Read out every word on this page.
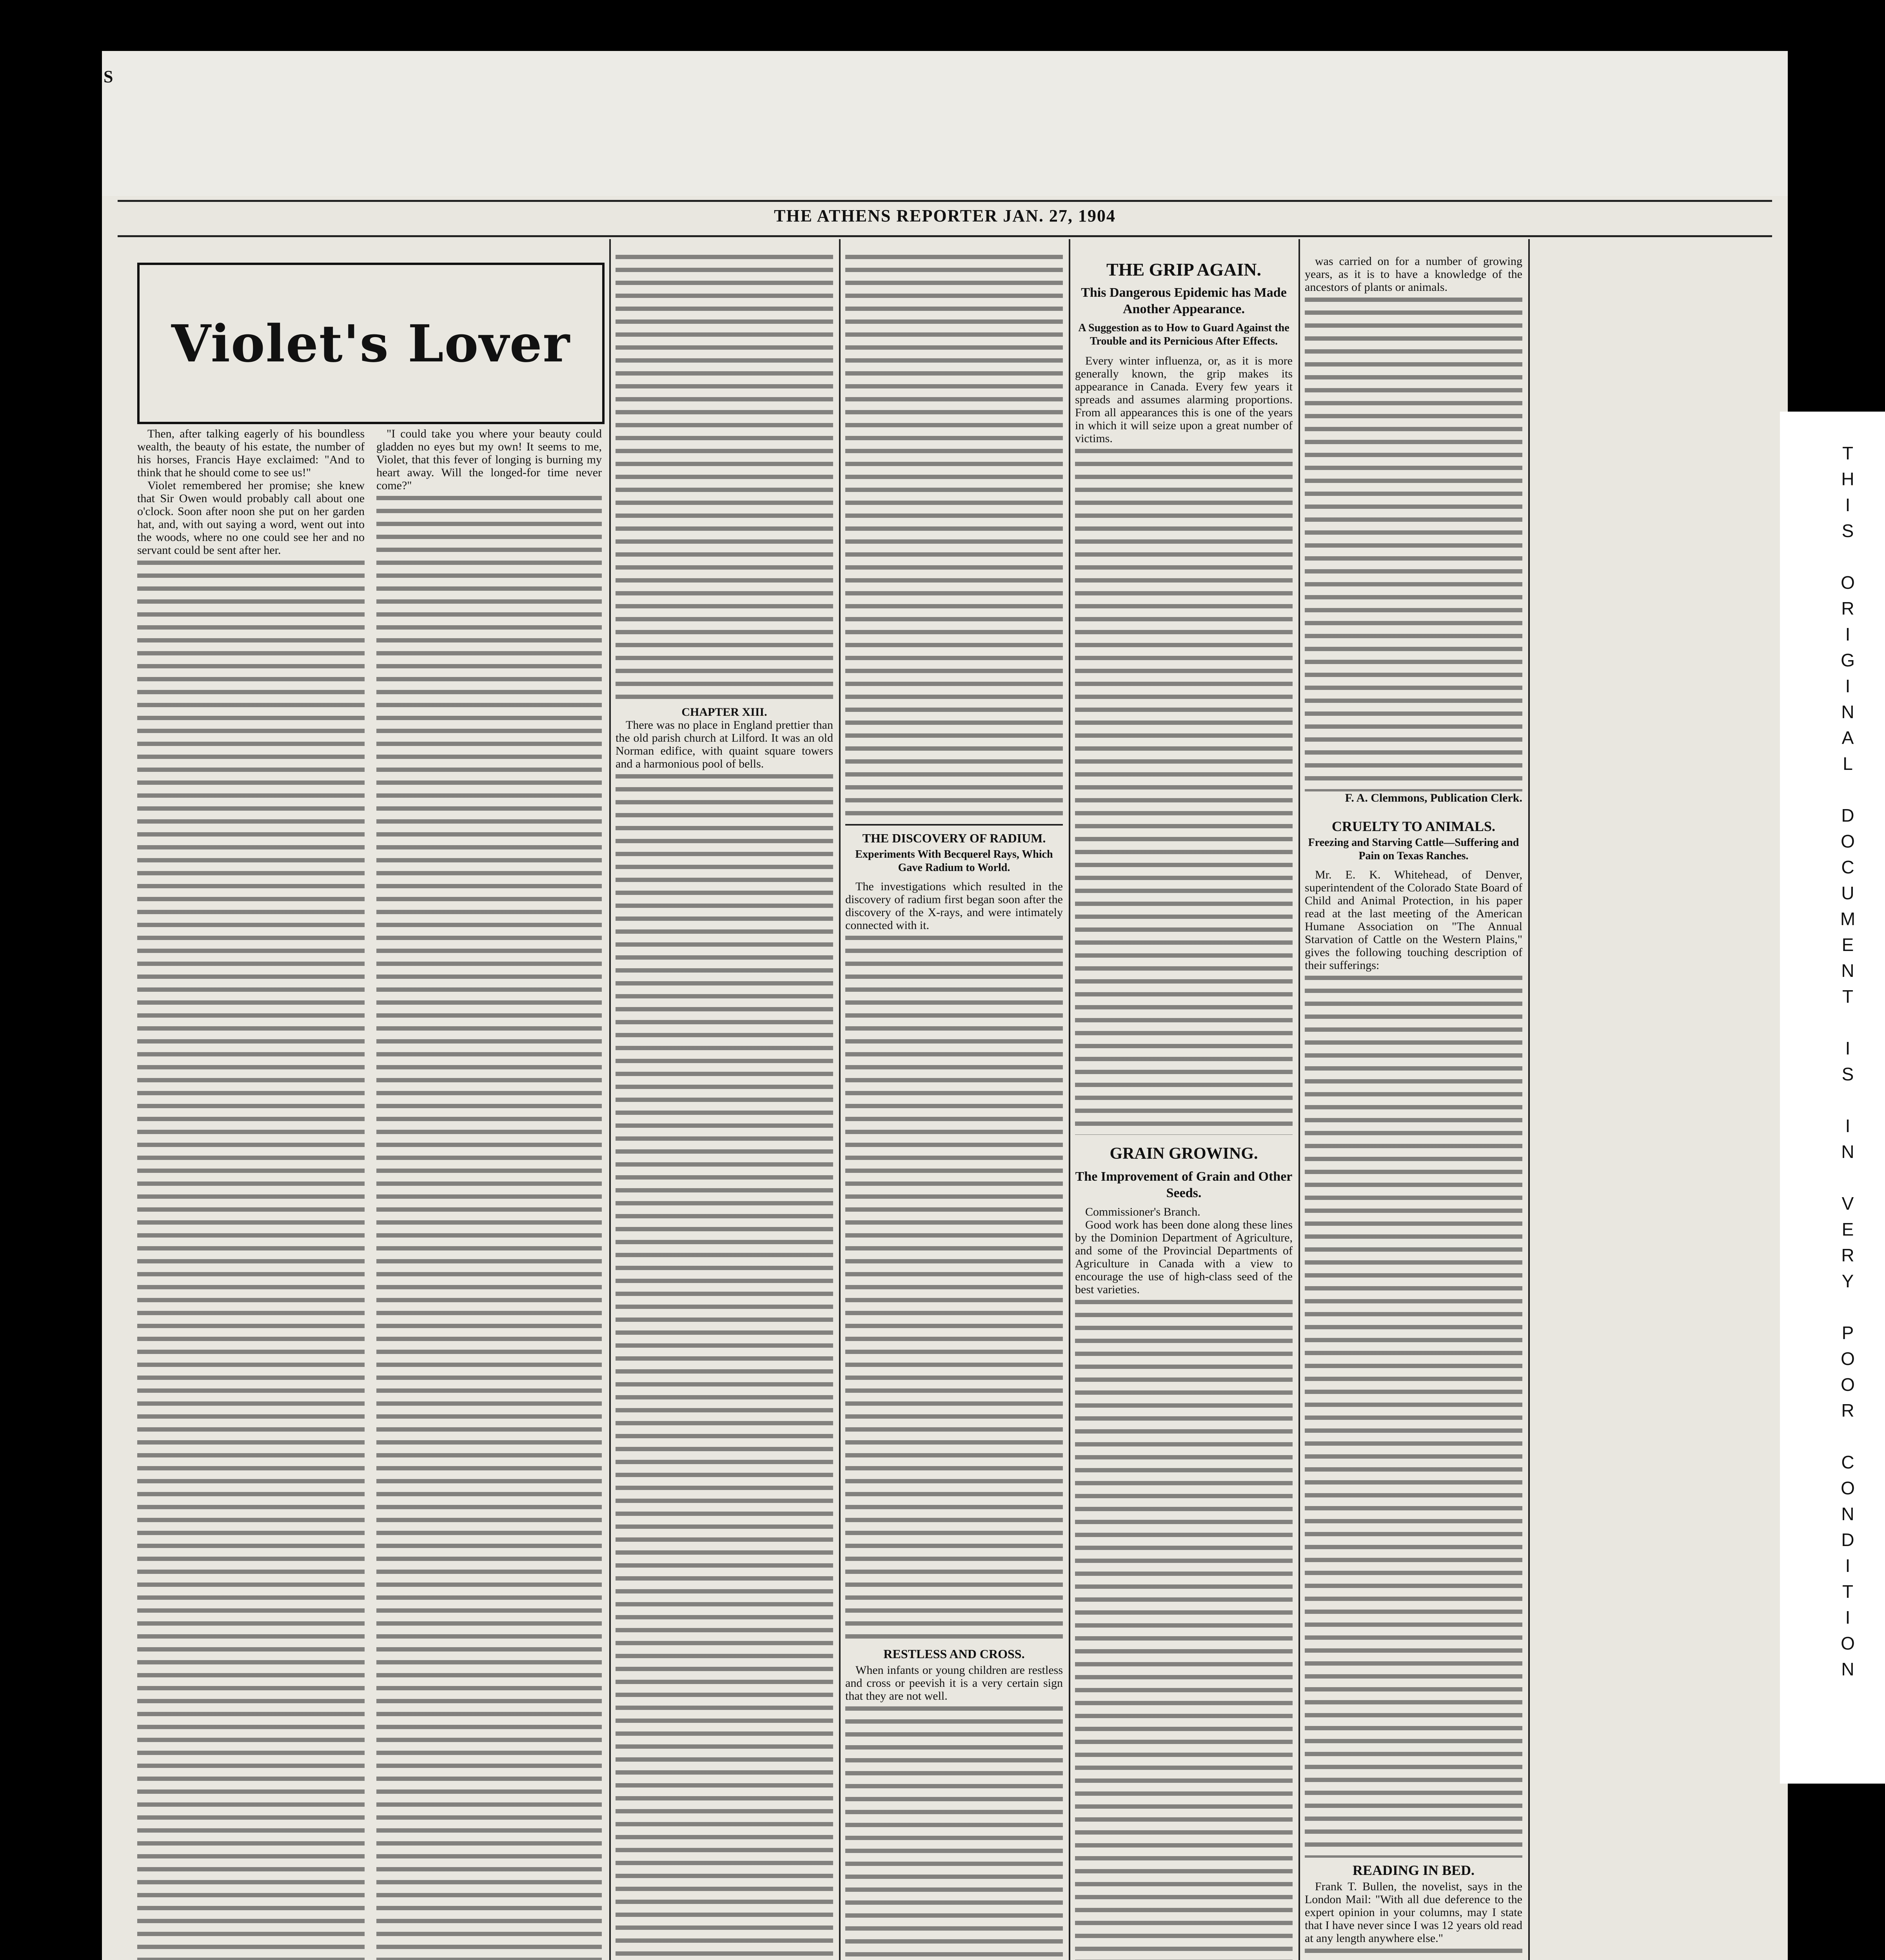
S
THE ATHENS REPORTER JAN. 27, 1904
Violet's Lover

Then, after talking eagerly of his boundless wealth, the beauty of his estate, the number of his horses, Francis Haye exclaimed: "And to think that he should come to see us!"

Violet remembered her promise; she knew that Sir Owen would probably call about one o'clock. Soon after noon she put on her garden hat, and, with out saying a word, went out into the woods, where no one could see her and no servant could be sent after her.

"I could take you where your beauty could gladden no eyes but my own! It seems to me, Violet, that this fever of longing is burning my heart away. Will the longed-for time never come?"

CHAPTER XIII.

There was no place in England prettier than the old parish church at Lilford. It was an old Norman edifice, with quaint square towers and a harmonious pool of bells.

THE DISCOVERY OF RADIUM.
Experiments With Becquerel Rays, Which Gave Radium to World.

The investigations which resulted in the discovery of radium first began soon after the discovery of the X-rays, and were intimately connected with it.

RESTLESS AND CROSS.

When infants or young children are restless and cross or peevish it is a very certain sign that they are not well.

THE GRIP AGAIN.
This Dangerous Epidemic has Made Another Appearance.
A Suggestion as to How to Guard Against the Trouble and its Pernicious After Effects.

Every winter influenza, or, as it is more generally known, the grip makes its appearance in Canada. Every few years it spreads and assumes alarming proportions. From all appearances this is one of the years in which it will seize upon a great number of victims.

GRAIN GROWING.
The Improvement of Grain and Other Seeds.

Commissioner's Branch.

Good work has been done along these lines by the Dominion Department of Agriculture, and some of the Provincial Departments of Agriculture in Canada with a view to encourage the use of high-class seed of the best varieties.

was carried on for a number of growing years, as it is to have a knowledge of the ancestors of plants or animals.

F. A. Clemmons, Publication Clerk.

CRUELTY TO ANIMALS.
Freezing and Starving Cattle—Suffering and Pain on Texas Ranches.

Mr. E. K. Whitehead, of Denver, superintendent of the Colorado State Board of Child and Animal Protection, in his paper read at the last meeting of the American Humane Association on "The Annual Starvation of Cattle on the Western Plains," gives the following touching description of their sufferings:

READING IN BED.

Frank T. Bullen, the novelist, says in the London Mail: "With all due deference to the expert opinion in your columns, may I state that I have never since I was 12 years old read at any length anywhere else."

THIS ORIGINAL DOCUMENT IS IN VERY POOR CONDITION
